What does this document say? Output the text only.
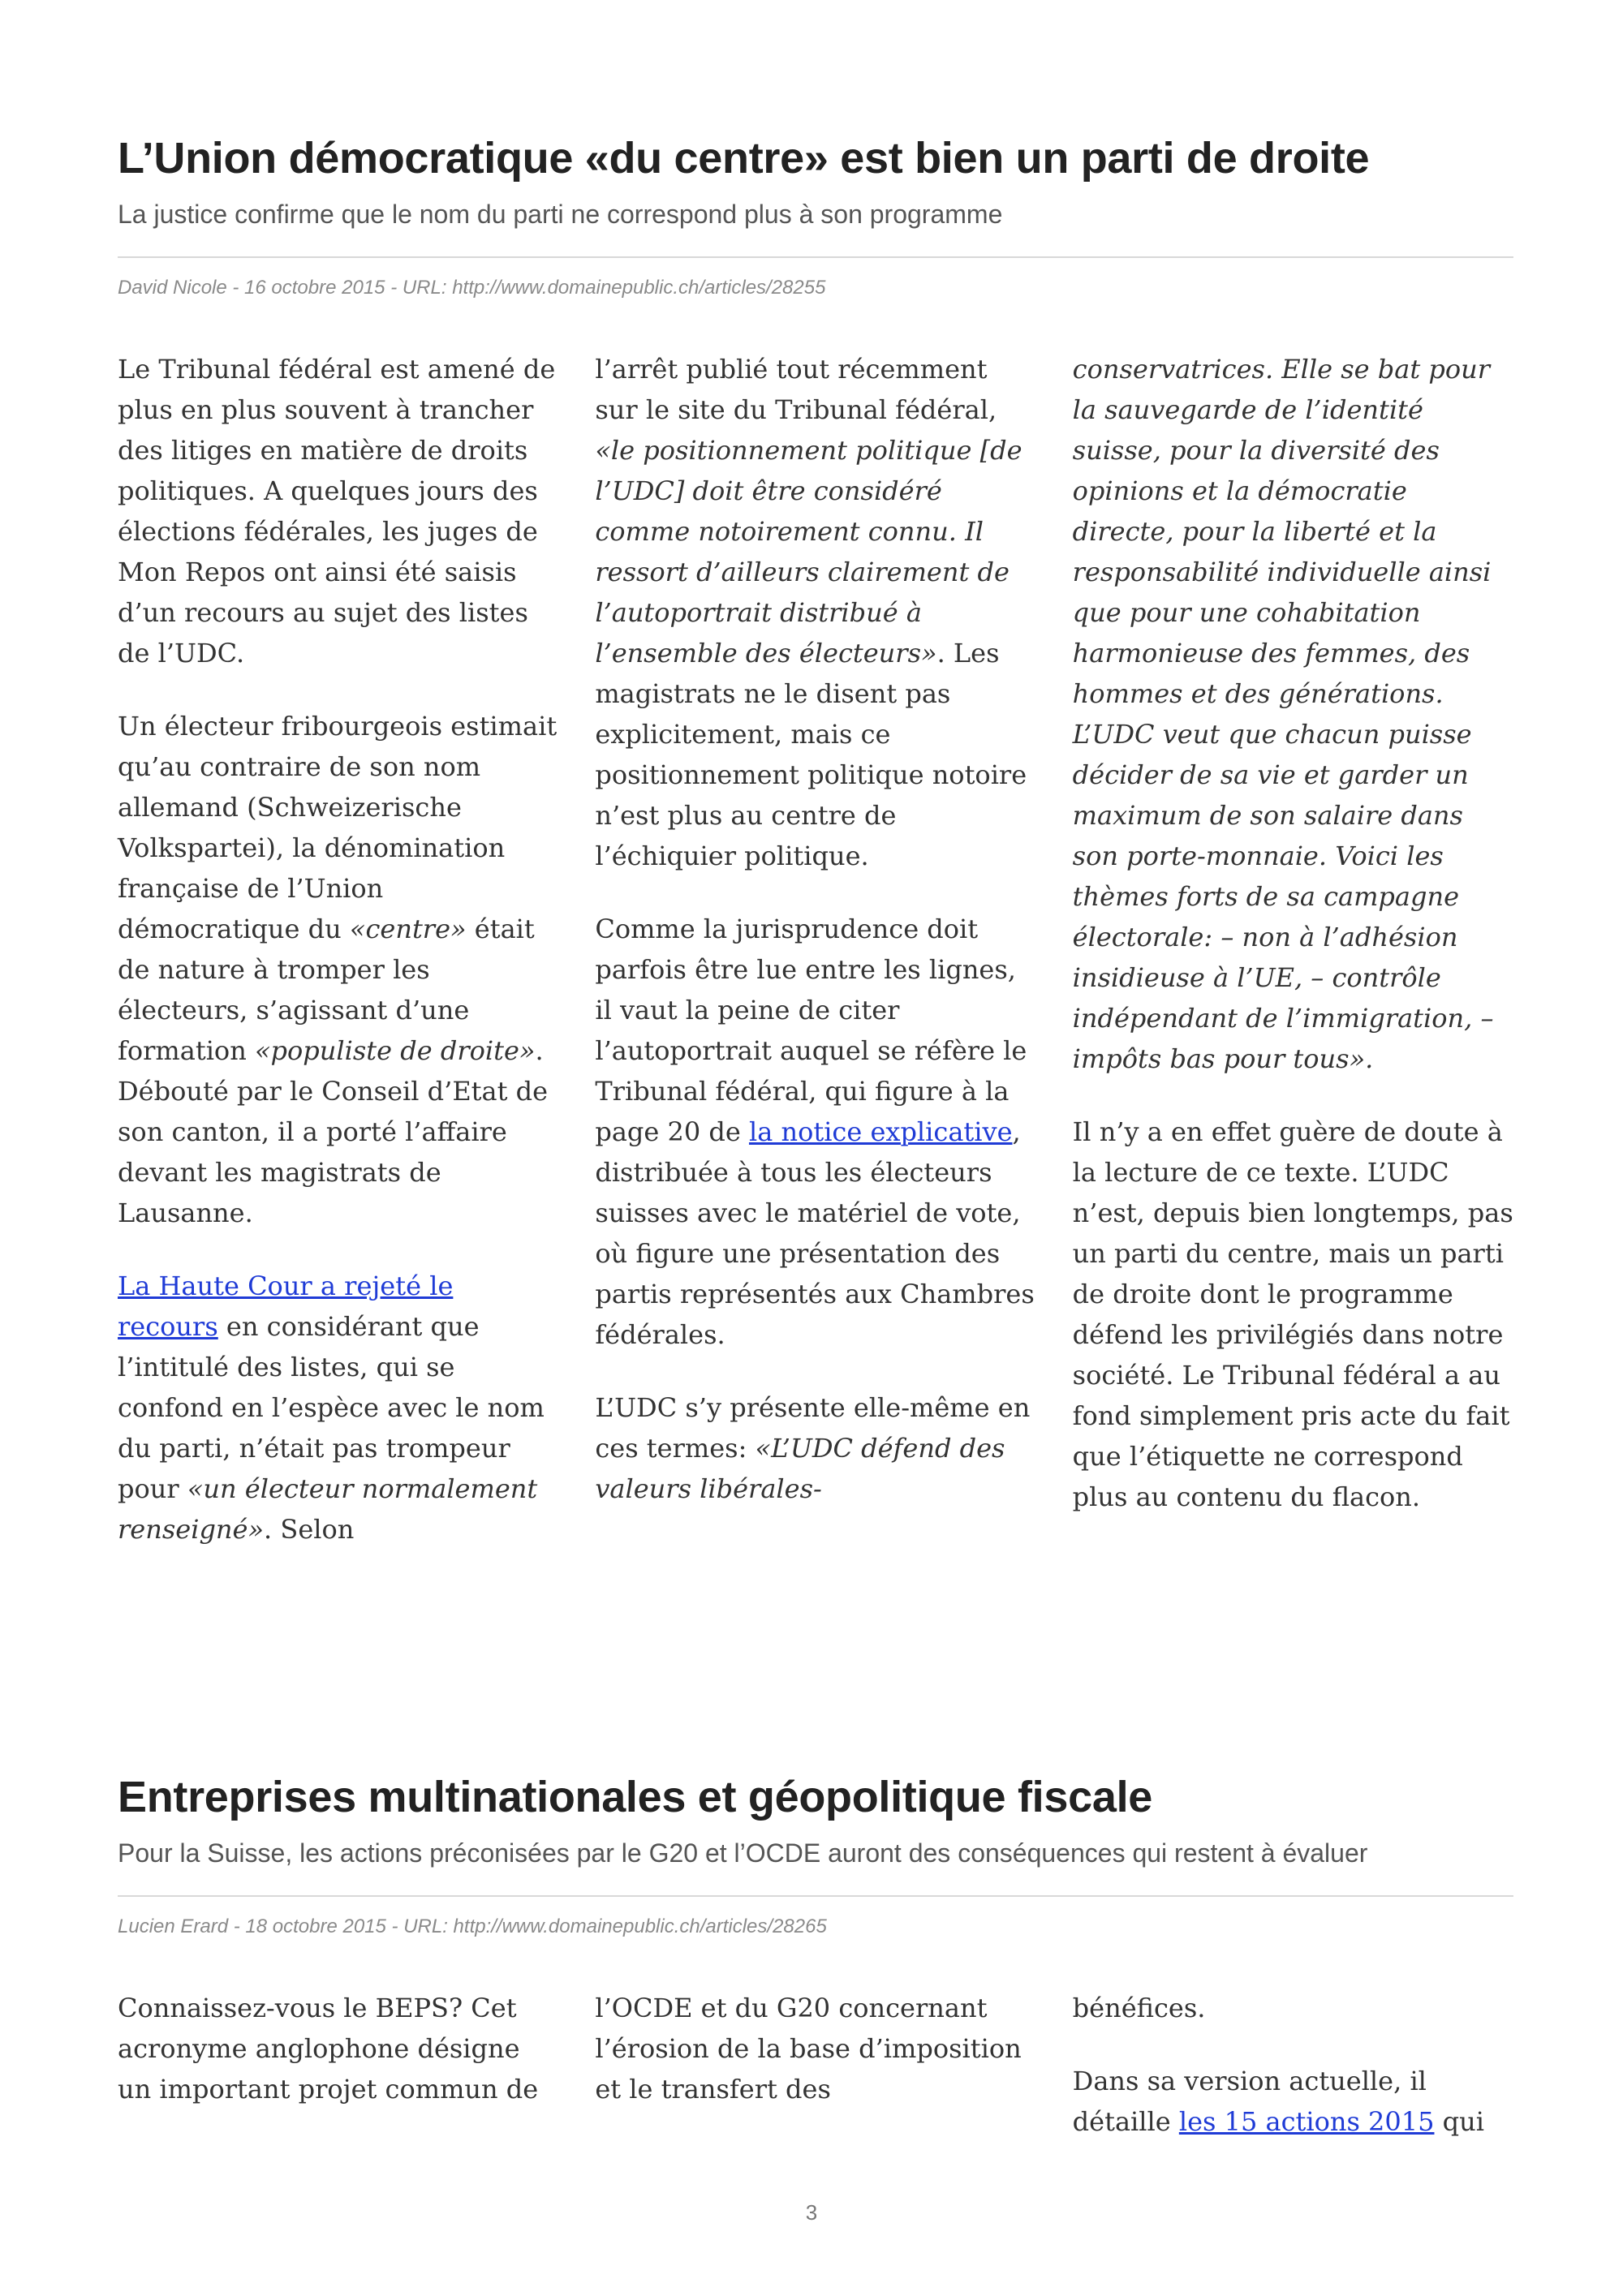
L’Union démocratique «du centre» est bien un parti de droite
La justice confirme que le nom du parti ne correspond plus à son programme
David Nicole - 16 octobre 2015 - URL: http://www.domainepublic.ch/articles/28255

Le Tribunal fédéral est amené de plus en plus souvent à trancher des litiges en matière de droits politiques. A quelques jours des élections fédérales, les juges de Mon Repos ont ainsi été saisis d’un recours au sujet des listes de l’UDC.

Un électeur fribourgeois estimait qu’au contraire de son nom allemand (Schweizerische Volkspartei), la dénomination française de l’Union démocratique du «centre» était de nature à tromper les électeurs, s’agissant d’une formation «populiste de droite». Débouté par le Conseil d’Etat de son canton, il a porté l’affaire devant les magistrats de Lausanne.

La Haute Cour a rejeté le recours en considérant que l’intitulé des listes, qui se confond en l’espèce avec le nom du parti, n’était pas trompeur pour «un électeur normalement renseigné». Selon

l’arrêt publié tout récemment sur le site du Tribunal fédéral, «le positionnement politique [de l’UDC] doit être considéré comme notoirement connu. Il ressort d’ailleurs clairement de l’autoportrait distribué à l’ensemble des électeurs». Les magistrats ne le disent pas explicitement, mais ce positionnement politique notoire n’est plus au centre de l’échiquier politique.

Comme la jurisprudence doit parfois être lue entre les lignes, il vaut la peine de citer l’autoportrait auquel se réfère le Tribunal fédéral, qui figure à la page 20 de la notice explicative, distribuée à tous les électeurs suisses avec le matériel de vote, où figure une présentation des partis représentés aux Chambres fédérales.

L’UDC s’y présente elle-même en ces termes: «L’UDC défend des valeurs libérales-

conservatrices. Elle se bat pour la sauvegarde de l’identité suisse, pour la diversité des opinions et la démocratie directe, pour la liberté et la responsabilité individuelle ainsi que pour une cohabitation harmonieuse des femmes, des hommes et des générations. L’UDC veut que chacun puisse décider de sa vie et garder un maximum de son salaire dans son porte-monnaie. Voici les thèmes forts de sa campagne électorale: – non à l’adhésion insidieuse à l’UE, – contrôle indépendant de l’immigration, – impôts bas pour tous».

Il n’y a en effet guère de doute à la lecture de ce texte. L’UDC n’est, depuis bien longtemps, pas un parti du centre, mais un parti de droite dont le programme défend les privilégiés dans notre société. Le Tribunal fédéral a au fond simplement pris acte du fait que l’étiquette ne correspond plus au contenu du flacon.

Entreprises multinationales et géopolitique fiscale
Pour la Suisse, les actions préconisées par le G20 et l’OCDE auront des conséquences qui restent à évaluer
Lucien Erard - 18 octobre 2015 - URL: http://www.domainepublic.ch/articles/28265

Connaissez-vous le BEPS? Cet acronyme anglophone désigne un important projet commun de

l’OCDE et du G20 concernant l’érosion de la base d’imposition et le transfert des

bénéfices.

Dans sa version actuelle, il détaille les 15 actions 2015 qui

3
